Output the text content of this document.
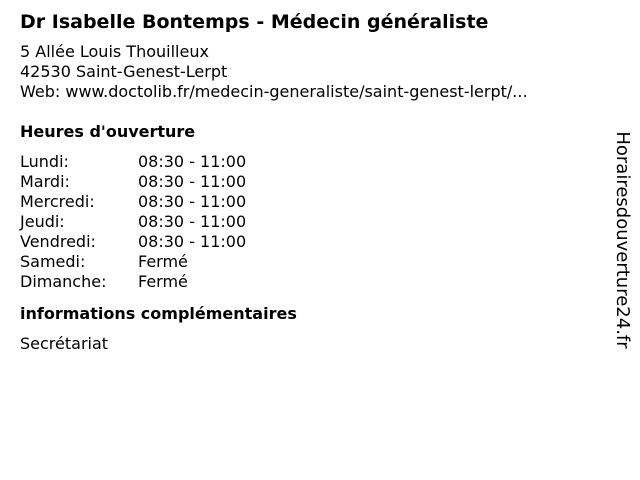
Dr Isabelle Bontemps - Médecin généraliste
5 Allée Louis Thouilleux
42530 Saint-Genest-Lerpt
Web: www.doctolib.fr/medecin-generaliste/saint-genest-lerpt/...
Heures d'ouverture
Lundi:	08:30 - 11:00
Mardi:	08:30 - 11:00
Mercredi:	08:30 - 11:00
Jeudi:	08:30 - 11:00
Vendredi:	08:30 - 11:00
Samedi:	Fermé
Dimanche:	Fermé
informations complémentaires
Secrétariat	Horairesdouverture24.fr
